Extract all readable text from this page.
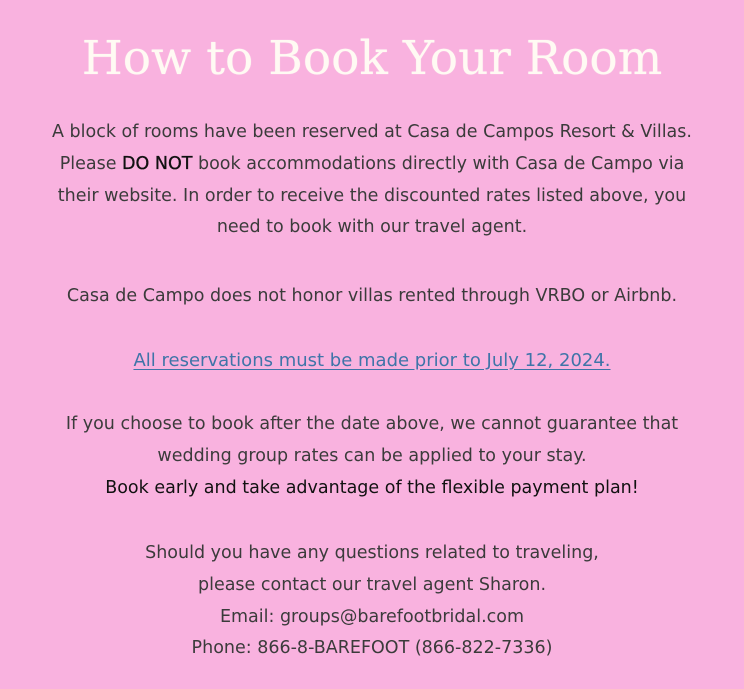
How to Book Your Room

A block of rooms have been reserved at Casa de Campos Resort & Villas.
Please DO NOT book accommodations directly with Casa de Campo via
their website. In order to receive the discounted rates listed above, you
need to book with our travel agent.

Casa de Campo does not honor villas rented through VRBO or Airbnb.

All reservations must be made prior to July 12, 2024.

If you choose to book after the date above, we cannot guarantee that
wedding group rates can be applied to your stay.
Book early and take advantage of the flexible payment plan!

Should you have any questions related to traveling,
please contact our travel agent Sharon.
Email: groups@barefootbridal.com
Phone: 866-8-BAREFOOT (866-822-7336)
